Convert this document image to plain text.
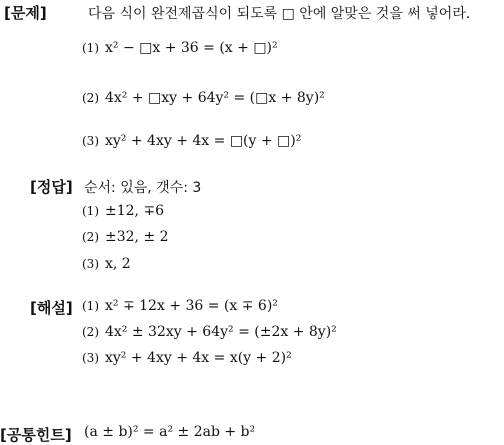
[문제]	다음 식이 완전제곱식이 되도록 □ 안에 알맞은 것을 써 넣어라.
(1) x² − □x + 36 = (x + □)²
(2) 4x² + □xy + 64y² = (□x + 8y)²
(3) xy² + 4xy + 4x = □(y + □)²
[정답] 순서: 있음, 갯수: 3
(1) ±12, ∓6
(2) ±32, ± 2
(3) x, 2
[해설] (1) x² ∓ 12x + 36 = (x ∓ 6)²
(2) 4x² ± 32xy + 64y² = (±2x + 8y)²
(3) xy² + 4xy + 4x = x(y + 2)²
[공통힌트] (a ± b)² = a² ± 2ab + b²
